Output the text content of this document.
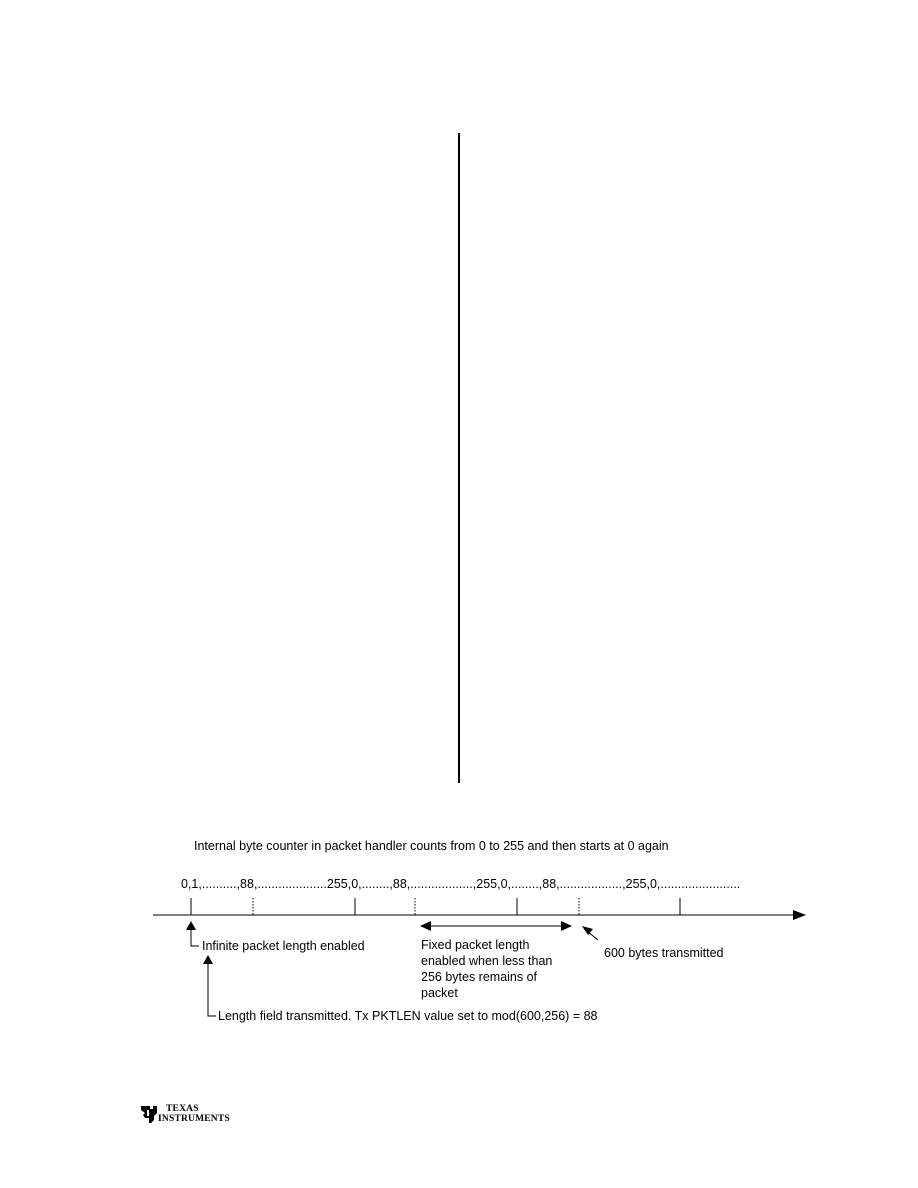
Internal byte counter in packet handler counts from 0 to 255 and then starts at 0 again
0,1,..........,88,....................255,0,........,88,..................,255,0,........,88,..................,255,0,.......................
Infinite packet length enabled	Fixed packet length
enabled when less than
256 bytes remains of
packet
600 bytes transmitted
Length field transmitted. Tx PKTLEN value set to mod(600,256) = 88
TEXAS
INSTRUMENTS
